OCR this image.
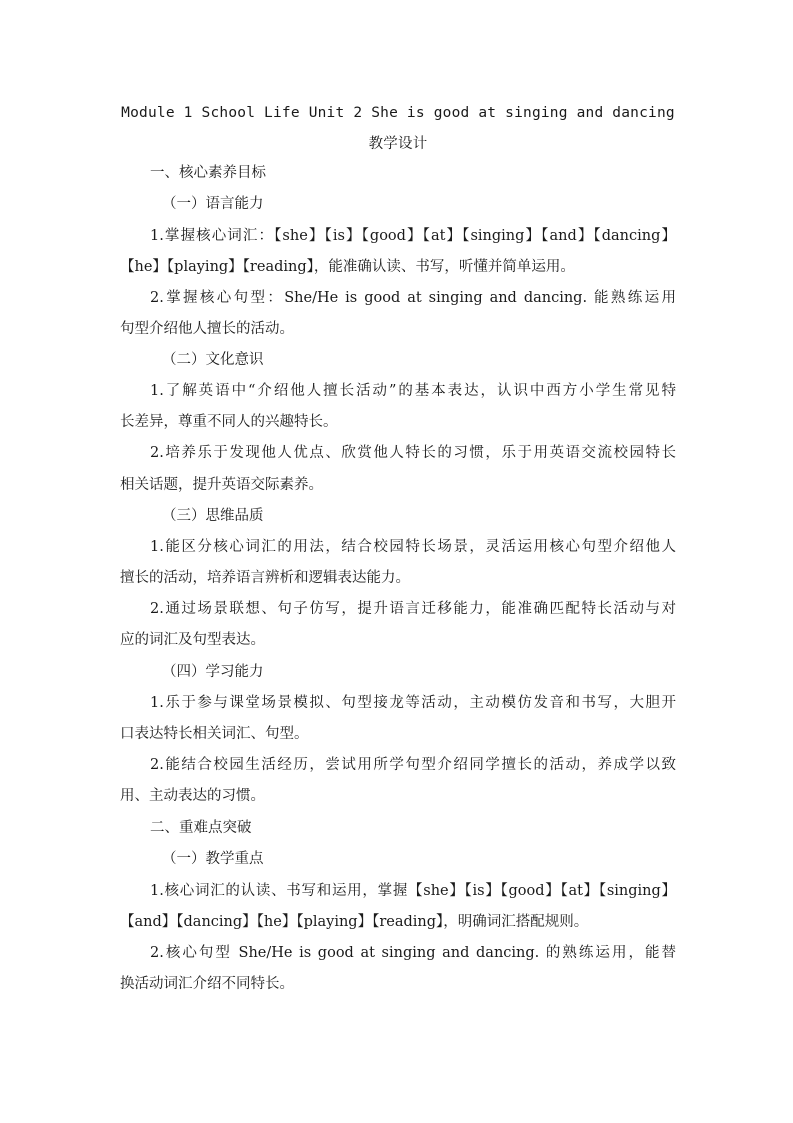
Module 1 School Life Unit 2 She is good at singing and dancing 教学设计
一、核心素养目标
（一）语言能力
1.掌握核心词汇：【she】【is】【good】【at】【singing】【and】【dancing】
【he】【playing】【reading】，能准确认读、书写，听懂并简单运用。
2.掌握核心句型：She/He is good at singing and dancing. 能熟练运用
句型介绍他人擅长的活动。
（二）文化意识
1.了解英语中“介绍他人擅长活动”的基本表达，认识中西方小学生常见特
长差异，尊重不同人的兴趣特长。
2.培养乐于发现他人优点、欣赏他人特长的习惯，乐于用英语交流校园特长
相关话题，提升英语交际素养。
（三）思维品质
1.能区分核心词汇的用法，结合校园特长场景，灵活运用核心句型介绍他人
擅长的活动，培养语言辨析和逻辑表达能力。
2.通过场景联想、句子仿写，提升语言迁移能力，能准确匹配特长活动与对
应的词汇及句型表达。
（四）学习能力
1.乐于参与课堂场景模拟、句型接龙等活动，主动模仿发音和书写，大胆开
口表达特长相关词汇、句型。
2.能结合校园生活经历，尝试用所学句型介绍同学擅长的活动，养成学以致
用、主动表达的习惯。
二、重难点突破
（一）教学重点
1.核心词汇的认读、书写和运用，掌握【she】【is】【good】【at】【singing】
【and】【dancing】【he】【playing】【reading】，明确词汇搭配规则。
2.核心句型 She/He is good at singing and dancing. 的熟练运用，能替
换活动词汇介绍不同特长。
